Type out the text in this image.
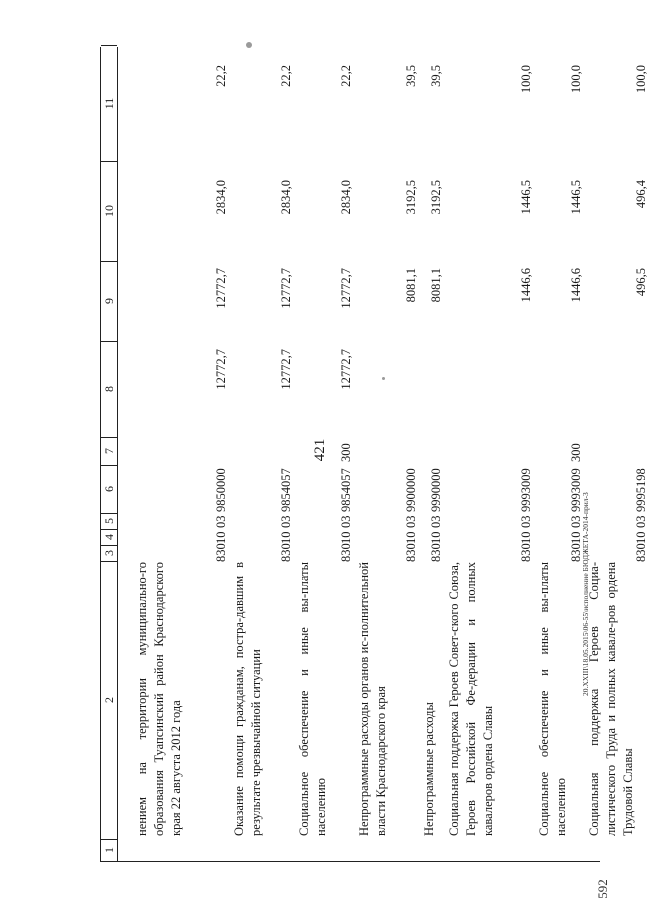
421
20.XXIII\18.05.2015\06-55\исполнение БЮДЖЕТА-2014-прил-3
592
1
2
3
4
5
6
7
8
9
10
11
нением на территории муниципально-го образования Туапсинский район Краснодарского края 22 августа 2012 года
830
10
03
9850000
12772,7
12772,7
2834,0
22,2
Оказание помощи гражданам, постра-давшим в результате чрезвычайной ситуации
830
10
03
9854057
12772,7
12772,7
2834,0
22,2
Социальное обеспечение и иные вы-платы населению
830
10
03
9854057
300
12772,7
12772,7
2834,0
22,2
Непрограммные расходы органов ис-полнительной власти Краснодарского края
830
10
03
9900000
8081,1
3192,5
39,5
Непрограммные расходы
830
10
03
9990000
8081,1
3192,5
39,5
Социальная поддержка Героев Совет-ского Союза, Героев Российской Фе-дерации и полных кавалеров ордена Славы
830
10
03
9993009
1446,6
1446,5
100,0
Социальное обеспечение и иные вы-платы населению
830
10
03
9993009
300
1446,6
1446,5
100,0
Социальная поддержка Героев Социа-листического Труда и полных кавале-ров ордена Трудовой Славы
830
10
03
9995198
496,5
496,4
100,0
